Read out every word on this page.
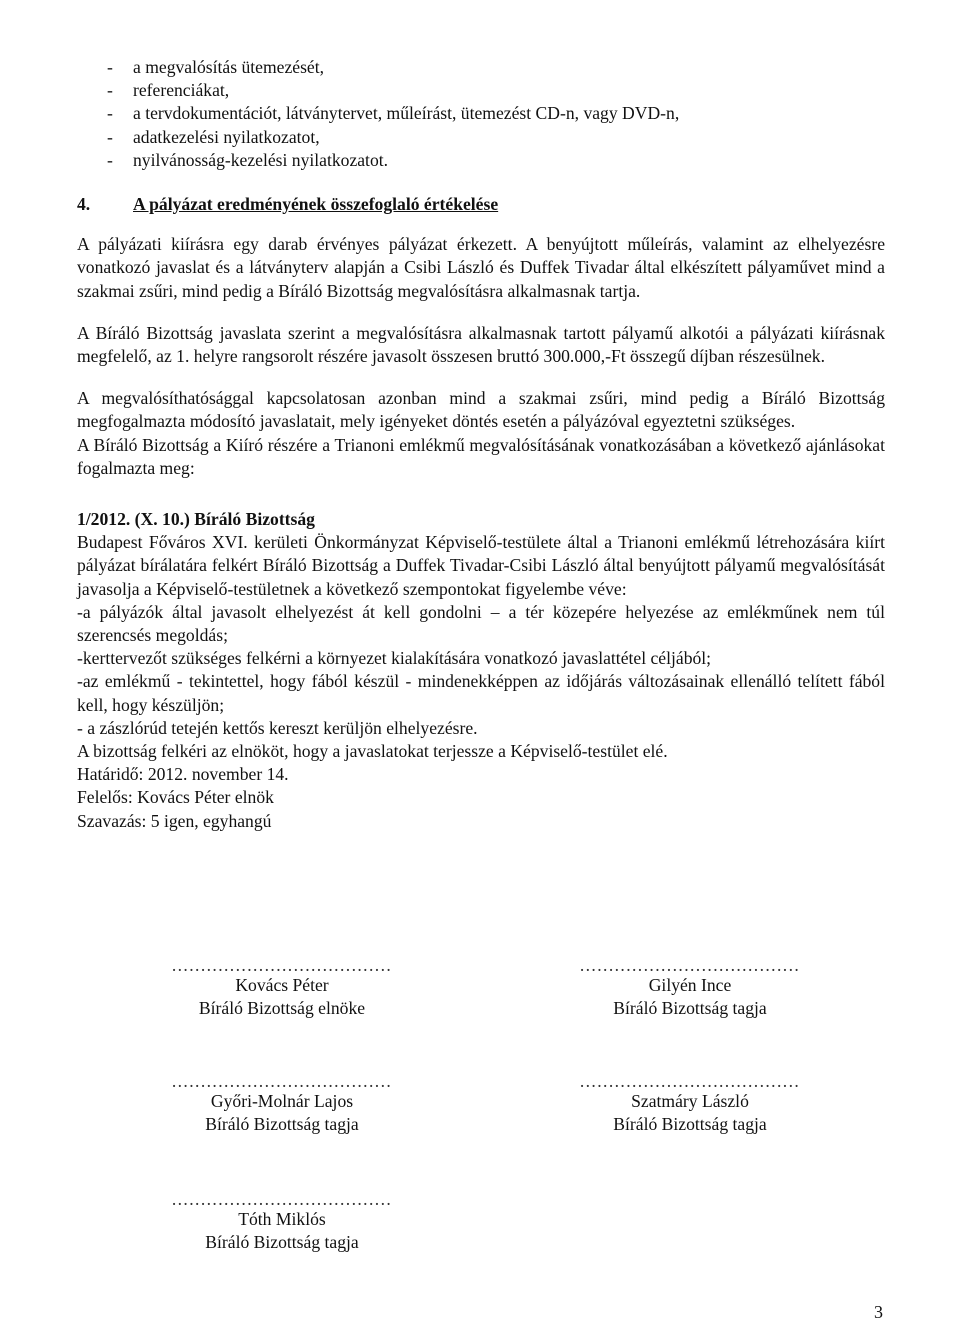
- a megvalósítás ütemezését,
- referenciákat,
- a tervdokumentációt, látványtervet, műleírást, ütemezést CD-n, vagy DVD-n,
- adatkezelési nyilatkozatot,
- nyilvánosság-kezelési nyilatkozatot.
4. A pályázat eredményének összefoglaló értékelése

A pályázati kiírásra egy darab érvényes pályázat érkezett. A benyújtott műleírás, valamint az elhelyezésre vonatkozó javaslat és a látványterv alapján a Csibi László és Duffek Tivadar által elkészített pályaművet mind a szakmai zsűri, mind pedig a Bíráló Bizottság megvalósításra alkalmasnak tartja.

A Bíráló Bizottság javaslata szerint a megvalósításra alkalmasnak tartott pályamű alkotói a pályázati kiírásnak megfelelő, az 1. helyre rangsorolt részére javasolt összesen bruttó 300.000,-Ft összegű díjban részesülnek.

A megvalósíthatósággal kapcsolatosan azonban mind a szakmai zsűri, mind pedig a Bíráló Bizottság megfogalmazta módosító javaslatait, mely igényeket döntés esetén a pályázóval egyeztetni szükséges.

A Bíráló Bizottság a Kiíró részére a Trianoni emlékmű megvalósításának vonatkozásában a következő ajánlásokat fogalmazta meg:

1/2012. (X. 10.) Bíráló Bizottság

Budapest Főváros XVI. kerületi Önkormányzat Képviselő-testülete által a Trianoni emlékmű létrehozására kiírt pályázat bírálatára felkért Bíráló Bizottság a Duffek Tivadar-Csibi László által benyújtott pályamű megvalósítását javasolja a Képviselő-testületnek a következő szempontokat figyelembe véve:

-a pályázók által javasolt elhelyezést át kell gondolni – a tér közepére helyezése az emlékműnek nem túl szerencsés megoldás;

-kerttervezőt szükséges felkérni a környezet kialakítására vonatkozó javaslattétel céljából;

-az emlékmű - tekintettel, hogy fából készül - mindenekképpen az időjárás változásainak ellenálló telített fából kell, hogy készüljön;

- a zászlórúd tetején kettős kereszt kerüljön elhelyezésre.

A bizottság felkéri az elnököt, hogy a javaslatokat terjessze a Képviselő-testület elé.
Határidő: 2012. november 14.
Felelős: Kovács Péter elnök
Szavazás: 5 igen, egyhangú
......................................
Kovács Péter
Bíráló Bizottság elnöke
......................................
Gilyén Ince
Bíráló Bizottság tagja
......................................
Győri-Molnár Lajos
Bíráló Bizottság tagja
......................................
Szatmáry László
Bíráló Bizottság tagja
......................................
Tóth Miklós
Bíráló Bizottság tagja
3
